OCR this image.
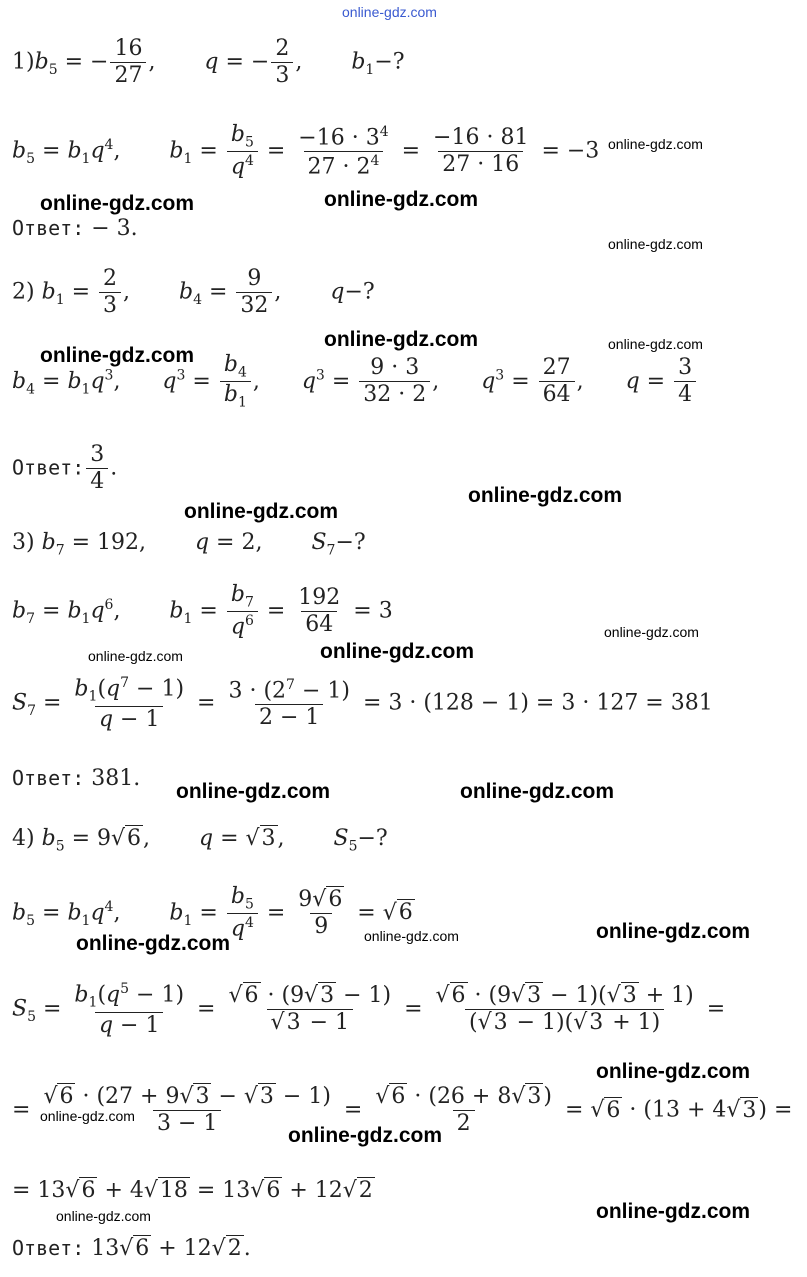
online-gdz.com
$1)b_5$ = − $\frac{16}{27}$ ,       q = − $\frac{2}{3}$ ,       $b_1-$?
$b_5 = b_1q^4$,       $b_1 = \frac{b_5}{q^4} = \frac{-16 \cdot 3^4}{27 \cdot 2^4} = \frac{-16 \cdot 81}{27 \cdot 16} = -3$
Ответ: − 3.
2) $b_1 = \frac{2}{3}$ ,       $b_4 = \frac{9}{32}$ ,       q−?
$b_4 = b_1q^3$,      $q^3 = \frac{b_4}{b_1}$ ,      $q^3 = \frac{9 \cdot 3}{32 \cdot 2}$ ,      $q^3 = \frac{27}{64}$ ,      $q = \frac{3}{4}$
Ответ: $\frac{3}{4}$ .
3) $b_7 = 192$,       q = 2,       $S_7-$?
$b_7 = b_1q^6$,       $b_1 = \frac{b_7}{q^6} = \frac{192}{64} = 3$
$S_7 = \frac{b_1(q^7 - 1)}{q - 1} = \frac{3 \cdot (2^7 - 1)}{2 - 1} = 3 \cdot (128 - 1) = 3 \cdot 127 = 381$
Ответ: 381.
4) $b_5 = 9√6$,       q = √3,       $S_5-$?
$b_5 = b_1q^4$,       $b_1 = \frac{b_5}{q^4} = \frac{9√6}{9} = √6$
$S_5 = \frac{b_1(q^5 - 1)}{q - 1} = \frac{√6 \cdot (9√3 - 1)}{√3 - 1} = \frac{√6 \cdot (9√3 - 1)(√3 + 1)}{(√3 - 1)(√3 + 1)}$ =
= $\frac{√6 \cdot (27 + 9√3 - √3 - 1)}{3 - 1} = \frac{√6 \cdot (26 + 8√3)}{2} = √6 \cdot (13 + 4√3)$ =
= 13√6 + 4√18 = 13√6 + 12√2
Ответ: 13√6 + 12√2.
online-gdz.com
online-gdz.com	online-gdz.com
online-gdz.com
online-gdz.com	online-gdz.com
online-gdz.com
online-gdz.com
online-gdz.com
online-gdz.com
online-gdz.com
online-gdz.com
online-gdz.com	online-gdz.com
online-gdz.com
online-gdz.com
online-gdz.com
online-gdz.com
online-gdz.com
online-gdz.com
online-gdz.com
online-gdz.com
